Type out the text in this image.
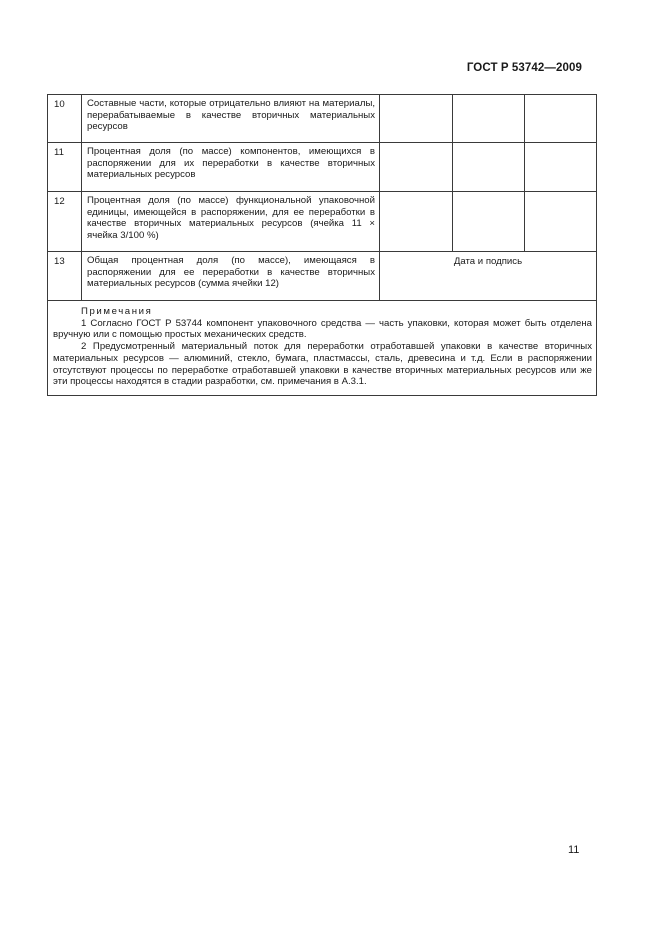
ГОСТ Р 53742—2009
10	Составные части, которые отрицательно влияют на материалы, перерабатываемые в качестве вторичных материальных ресурсов			
11	Процентная доля (по массе) компонентов, имеющихся в распоряжении для их переработки в качестве вторичных материальных ресурсов			
12	Процентная доля (по массе) функциональной упаковочной единицы, имеющейся в распоряжении, для ее переработки в качестве вторичных материальных ресурсов (ячейка 11 × ячейка 3/100 %)			
13	Общая процентная доля (по массе), имеющаяся в распоряжении для ее переработки в качестве вторичных материальных ресурсов (сумма ячейки 12)	Дата и подпись		

Примечания
1 Согласно ГОСТ Р 53744 компонент упаковочного средства — часть упаковки, которая может быть отделена вручную или с помощью простых механических средств.
2 Предусмотренный материальный поток для переработки отработавшей упаковки в качестве вторичных материальных ресурсов — алюминий, стекло, бумага, пластмассы, сталь, древесина и т.д. Если в распоряжении отсутствуют процессы по переработке отработавшей упаковки в качестве вторичных материальных ресурсов или же эти процессы находятся в стадии разработки, см. примечания в А.3.1.				
11
